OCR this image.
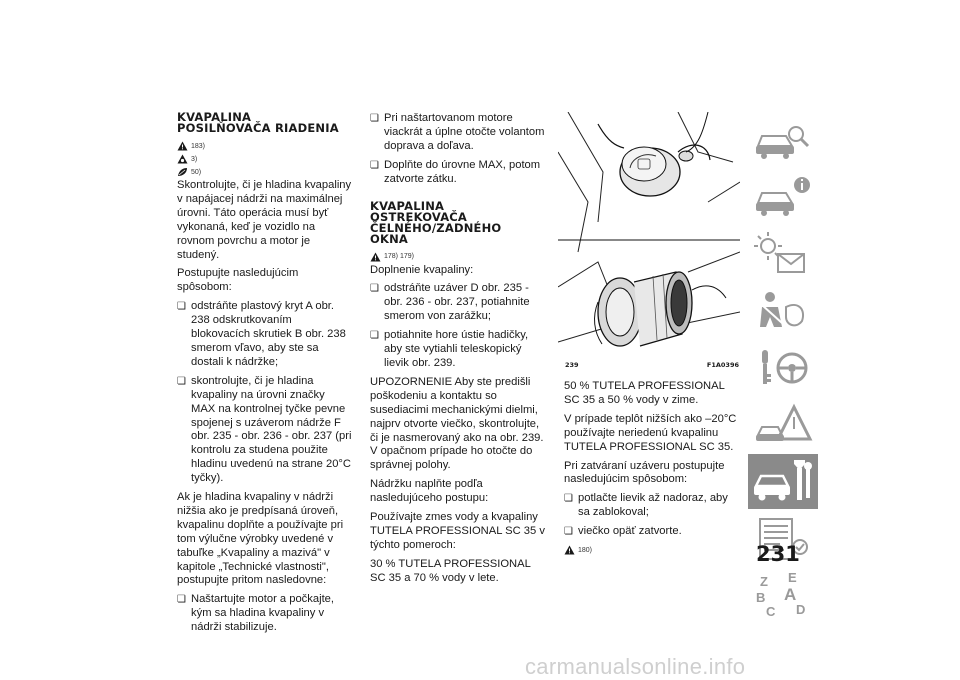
KVAPALINA
POSILŇOVAČA RIADENIA
183)
3)
50)

Skontrolujte, či je hladina kvapaliny v napájacej nádrži na maximálnej úrovni. Táto operácia musí byť vykonaná, keď je vozidlo na rovnom povrchu a motor je studený.

Postupujte nasledujúcim spôsobom:

❏ odstráňte plastový kryt A obr. 238 odskrutkovaním blokovacích skrutiek B obr. 238 smerom vľavo, aby ste sa dostali k nádržke;
❏ skontrolujte, či je hladina kvapaliny na úrovni značky MAX na kontrolnej tyčke pevne spojenej s uzáverom nádrže F obr. 235 - obr. 236 - obr. 237 (pri kontrolu za studena použite hladinu uvedenú na strane 20°C tyčky).

Ak je hladina kvapaliny v nádrži nižšia ako je predpísaná úroveň, kvapalinu doplňte a používajte pri tom výlučne výrobky uvedené v tabuľke „Kvapaliny a mazivá" v kapitole „Technické vlastnosti", postupujte pritom nasledovne:

❏ Naštartujte motor a počkajte, kým sa hladina kvapaliny v nádrži stabilizuje.
❏ Pri naštartovanom motore viackrát a úplne otočte volantom doprava a doľava.
❏ Doplňte do úrovne MAX, potom zatvorte zátku.
KVAPALINA
OSTREKOVAČA
ČELNÉHO/ZADNÉHO
OKNA
178) 179)

Doplnenie kvapaliny:

❏ odstráňte uzáver D obr. 235 - obr. 236 - obr. 237, potiahnite smerom von zarážku;
❏ potiahnite hore ústie hadičky, aby ste vytiahli teleskopický lievik obr. 239.

UPOZORNENIE Aby ste predišli poškodeniu a kontaktu so susediacimi mechanickými dielmi, najprv otvorte viečko, skontrolujte, či je nasmerovaný ako na obr. 239. V opačnom prípade ho otočte do správnej polohy.

Nádržku naplňte podľa nasledujúceho postupu:

Používajte zmes vody a kvapaliny TUTELA PROFESSIONAL SC 35 v týchto pomeroch:

30 % TUTELA PROFESSIONAL SC 35 a 70 % vody v lete.

239	F1A0396

50 % TUTELA PROFESSIONAL SC 35 a 50 % vody v zime.

V prípade teplôt nižších ako –20°C používajte neriedenú kvapalinu TUTELA PROFESSIONAL SC 35.

Pri zatváraní uzáveru postupujte nasledujúcim spôsobom:

❏ potlačte lievik až nadoraz, aby sa zablokoval;
❏ viečko opäť zatvorte.
180)
Z E
B A
C D
231
carmanualsonline.info
